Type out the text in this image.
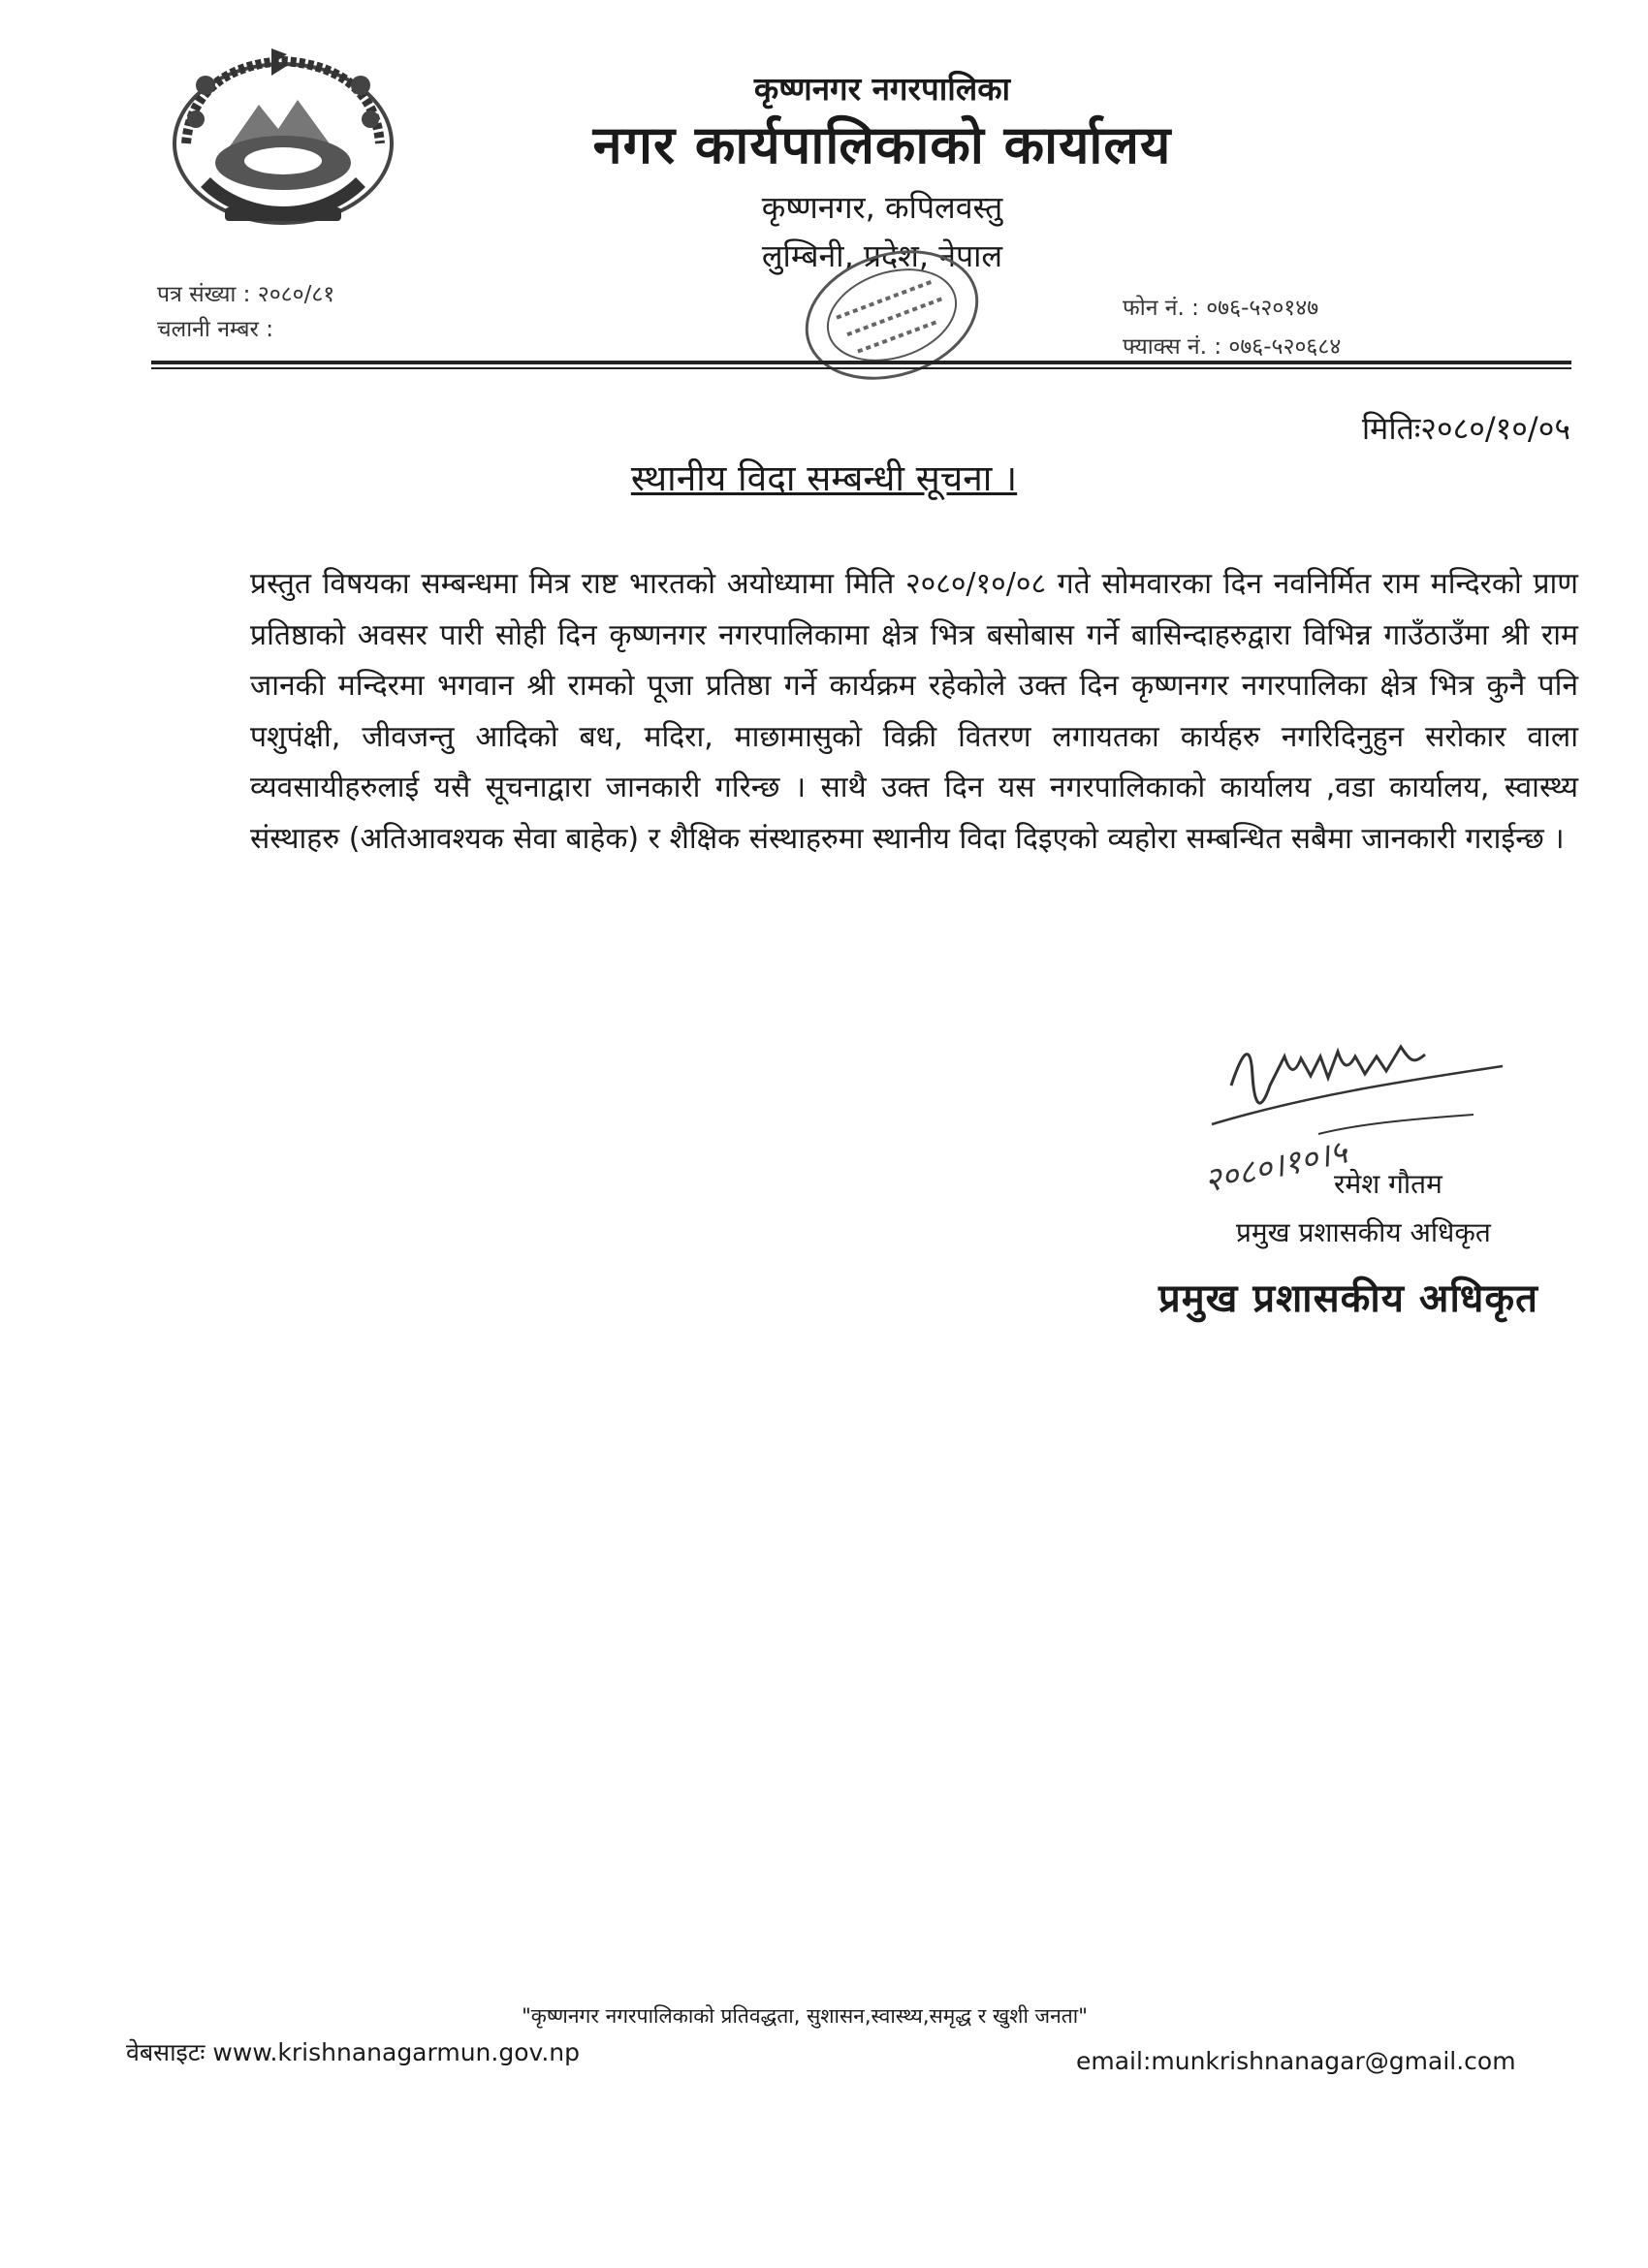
कृष्णनगर नगरपालिका
नगर कार्यपालिकाको कार्यालय
कृष्णनगर, कपिलवस्तु
लुम्बिनी, प्रदेश, नेपाल
पत्र संख्या : २०८०/८१
चलानी नम्बर :
फोन नं. : ०७६-५२०१४७
फ्याक्स नं. : ०७६-५२०६८४
मितिः२०८०/१०/०५
स्थानीय विदा सम्बन्धी सूचना ।
प्रस्तुत विषयका सम्बन्धमा मित्र राष्ट भारतको अयोध्यामा मिति २०८०/१०/०८ गते सोमवारका दिन नवनिर्मित राम मन्दिरको प्राण प्रतिष्ठाको अवसर पारी सोही दिन कृष्णनगर नगरपालिकामा क्षेत्र भित्र बसोबास गर्ने बासिन्दाहरुद्वारा विभिन्न गाउँठाउँमा श्री राम जानकी मन्दिरमा भगवान श्री रामको पूजा प्रतिष्ठा गर्ने कार्यक्रम रहेकोले उक्त दिन कृष्णनगर नगरपालिका क्षेत्र भित्र कुनै पनि पशुपंक्षी, जीवजन्तु आदिको बध, मदिरा, माछामासुको विक्री वितरण लगायतका कार्यहरु नगरिदिनुहुन सरोकार वाला व्यवसायीहरुलाई यसै सूचनाद्वारा जानकारी गरिन्छ । साथै उक्त दिन यस नगरपालिकाको कार्यालय ,वडा कार्यालय, स्वास्थ्य संस्थाहरु (अतिआवश्यक सेवा बाहेक) र शैक्षिक संस्थाहरुमा स्थानीय विदा दिइएको व्यहोरा सम्बन्धित सबैमा जानकारी गराईन्छ ।
२०८०।१०।५
रमेश गौतम
प्रमुख प्रशासकीय अधिकृत
प्रमुख प्रशासकीय अधिकृत
"कृष्णनगर नगरपालिकाको प्रतिवद्धता, सुशासन,स्वास्थ्य,समृद्ध र खुशी जनता"
वेबसाइटः www.krishnanagarmun.gov.np	email:munkrishnanagar@gmail.com
